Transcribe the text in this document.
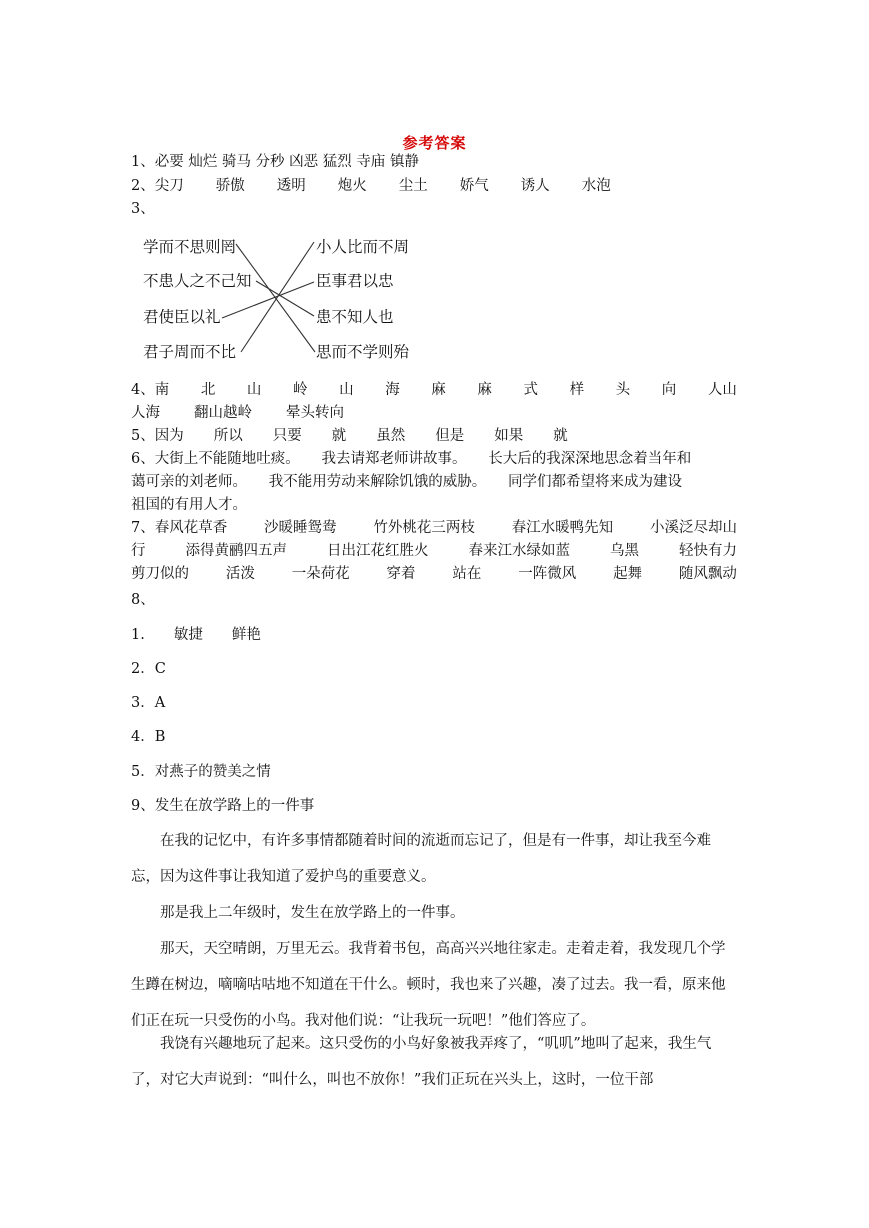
参考答案
1、必要 灿烂 骑马 分秒 凶恶 猛烈 寺庙 镇静
2、尖刀 骄傲 透明 炮火 尘土 娇气 诱人 水泡
3、
学而不思则罔
不患人之不己知
君使臣以礼
君子周而不比
小人比而不周
臣事君以忠
患不知人也
思而不学则殆
4、南 北 山 岭 山 海 麻 麻 式 样 头 向 人山
人海 翻山越岭 晕头转向
5、因为 所以 只要 就 虽然 但是 如果 就
6、大街上不能随地吐痰。　　我去请郑老师讲故事。　　长大后的我深深地思念着当年和
蔼可亲的刘老师。　　我不能用劳动来解除饥饿的威胁。　　同学们都希望将来成为建设
祖国的有用人才。
7、春风花草香	沙暖睡鸳鸯	竹外桃花三两枝	春江水暖鸭先知	小溪泛尽却山
行	添得黄鹂四五声	日出江花红胜火	春来江水绿如蓝	乌黑	轻快有力
剪刀似的	活泼	一朵荷花	穿着	站在	一阵微风	起舞	随风飘动
8、
1.　　敏捷　　鲜艳
2．C
3．A
4．B
5．对燕子的赞美之情
9、发生在放学路上的一件事
在我的记忆中，有许多事情都随着时间的流逝而忘记了，但是有一件事，却让我至今难忘，因为这件事让我知道了爱护鸟的重要意义。
那是我上二年级时，发生在放学路上的一件事。
那天，天空晴朗，万里无云。我背着书包，高高兴兴地往家走。走着走着，我发现几个学生蹲在树边，嘀嘀咕咕地不知道在干什么。顿时，我也来了兴趣，凑了过去。我一看，原来他们正在玩一只受伤的小鸟。我对他们说：“让我玩一玩吧！”他们答应了。
我饶有兴趣地玩了起来。这只受伤的小鸟好象被我弄疼了，“叽叽”地叫了起来，我生气了，对它大声说到：“叫什么，叫也不放你！”我们正玩在兴头上，这时，一位干部
